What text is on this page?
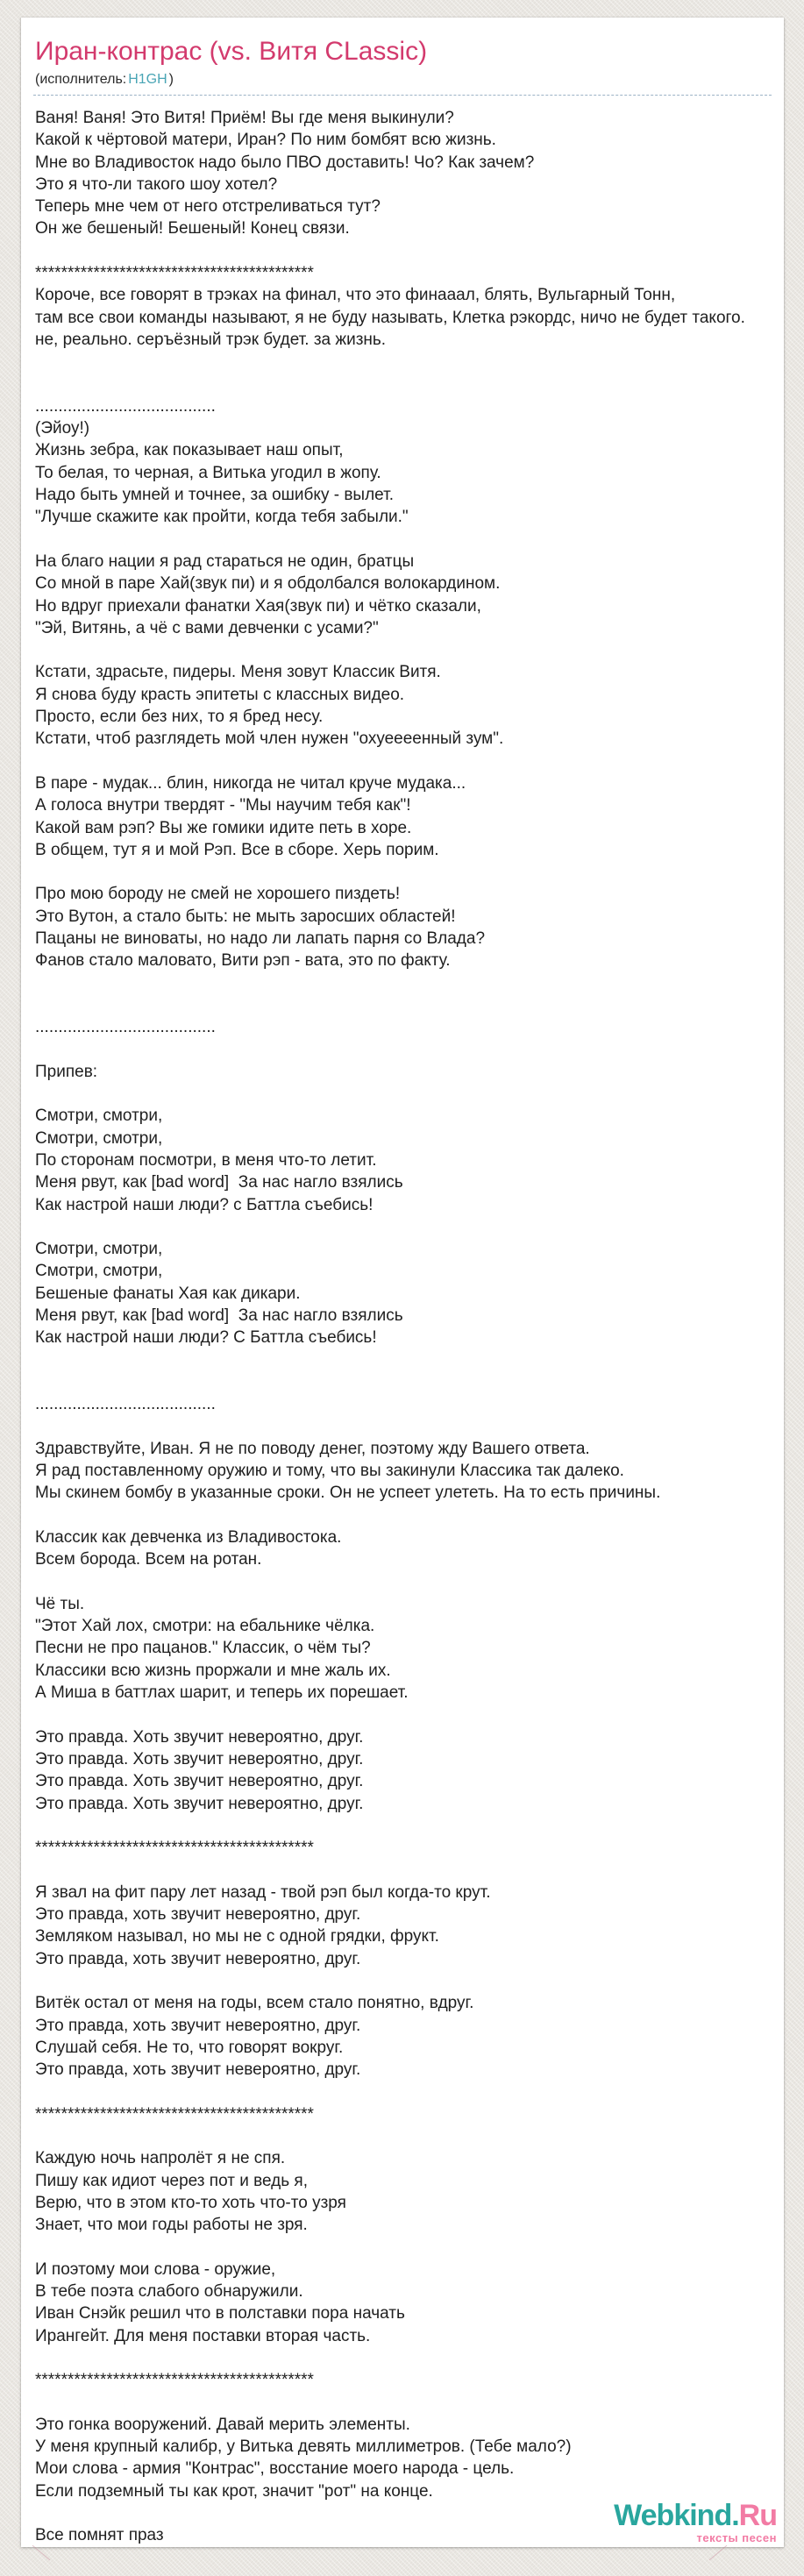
Иран-контрас (vs. Витя CLassic)
(исполнитель: H1GH )
Ваня! Ваня! Это Витя! Приём! Вы где меня выкинули?
Какой к чёртовой матери, Иран? По ним бомбят всю жизнь.
Мне во Владивосток надо было ПВО доставить! Чо? Как зачем?
Это я что-ли такого шоу хотел?
Теперь мне чем от него отстреливаться тут?
Он же бешеный! Бешеный! Конец связи.
*******************************************
Короче, все говорят в трэках на финал, что это финааал, блять, Вульгарный Тонн,
там все свои команды называют, я не буду называть, Клетка рэкордс, ничо не будет такого.
не, реально. серъёзный трэк будет. за жизнь.
.......................................
(Эйоу!)
Жизнь зебра, как показывает наш опыт,
То белая, то черная, а Витька угодил в жопу.
Надо быть умней и точнее, за ошибку - вылет.
"Лучше скажите как пройти, когда тебя забыли."
На благо нации я рад стараться не один, братцы
Со мной в паре Хай(звук пи) и я обдолбался волокардином.
Но вдруг приехали фанатки Хая(звук пи) и чётко сказали,
"Эй, Витянь, а чё с вами девченки с усами?"
Кстати, здрасьте, пидеры. Меня зовут Классик Витя.
Я снова буду красть эпитеты с классных видео.
Просто, если без них, то я бред несу.
Кстати, чтоб разглядеть мой член нужен "охуеееенный зум".
В паре - мудак... блин, никогда не читал круче мудака...
А голоса внутри твердят - "Мы научим тебя как"!
Какой вам рэп? Вы же гомики идите петь в хоре.
В общем, тут я и мой Рэп. Все в сборе. Херь порим.
Про мою бороду не смей не хорошего пиздеть!
Это Вутон, а стало быть: не мыть заросших областей!
Пацаны не виноваты, но надо ли лапать парня со Влада?
Фанов стало маловато, Вити рэп - вата, это по факту.
.......................................
Припев:
Смотри, смотри,
Смотри, смотри,
По сторонам посмотри, в меня что-то летит.
Меня рвут, как [bad word]  За нас нагло взялись
Как настрой наши люди? с Баттла съебись!
Смотри, смотри,
Смотри, смотри,
Бешеные фанаты Хая как дикари.
Меня рвут, как [bad word]  За нас нагло взялись
Как настрой наши люди? С Баттла съебись!
.......................................
Здравствуйте, Иван. Я не по поводу денег, поэтому жду Вашего ответа.
Я рад поставленному оружию и тому, что вы закинули Классика так далеко.
Мы скинем бомбу в указанные сроки. Он не успеет улететь. На то есть причины.
Классик как девченка из Владивостока.
Всем борода. Всем на ротан.
Чё ты.
"Этот Хай лох, смотри: на ебальнике чёлка.
Песни не про пацанов." Классик, о чём ты?
Классики всю жизнь проржали и мне жаль их.
А Миша в баттлах шарит, и теперь их порешает.
Это правда. Хоть звучит невероятно, друг.
Это правда. Хоть звучит невероятно, друг.
Это правда. Хоть звучит невероятно, друг.
Это правда. Хоть звучит невероятно, друг.
*******************************************
Я звал на фит пару лет назад - твой рэп был когда-то крут.
Это правда, хоть звучит невероятно, друг.
Земляком называл, но мы не с одной грядки, фрукт.
Это правда, хоть звучит невероятно, друг.
Витёк остал от меня на годы, всем стало понятно, вдруг.
Это правда, хоть звучит невероятно, друг.
Слушай себя. Не то, что говорят вокруг.
Это правда, хоть звучит невероятно, друг.
*******************************************
Каждую ночь напролёт я не спя.
Пишу как идиот через пот и ведь я,
Верю, что в этом кто-то хоть что-то узря
Знает, что мои годы работы не зря.
И поэтому мои слова - оружие,
В тебе поэта слабого обнаружили.
Иван Снэйк решил что в полставки пора начать
Ирангейт. Для меня поставки вторая часть.
*******************************************
Это гонка вооружений. Давай мерить элементы.
У меня крупный калибр, у Витька девять миллиметров. (Тебе мало?)
Мои слова - армия "Контрас", восстание моего народа - цель.
Если подземный ты как крот, значит "рот" на конце.
Все помнят праз
Webkind.Ru
тексты песен
